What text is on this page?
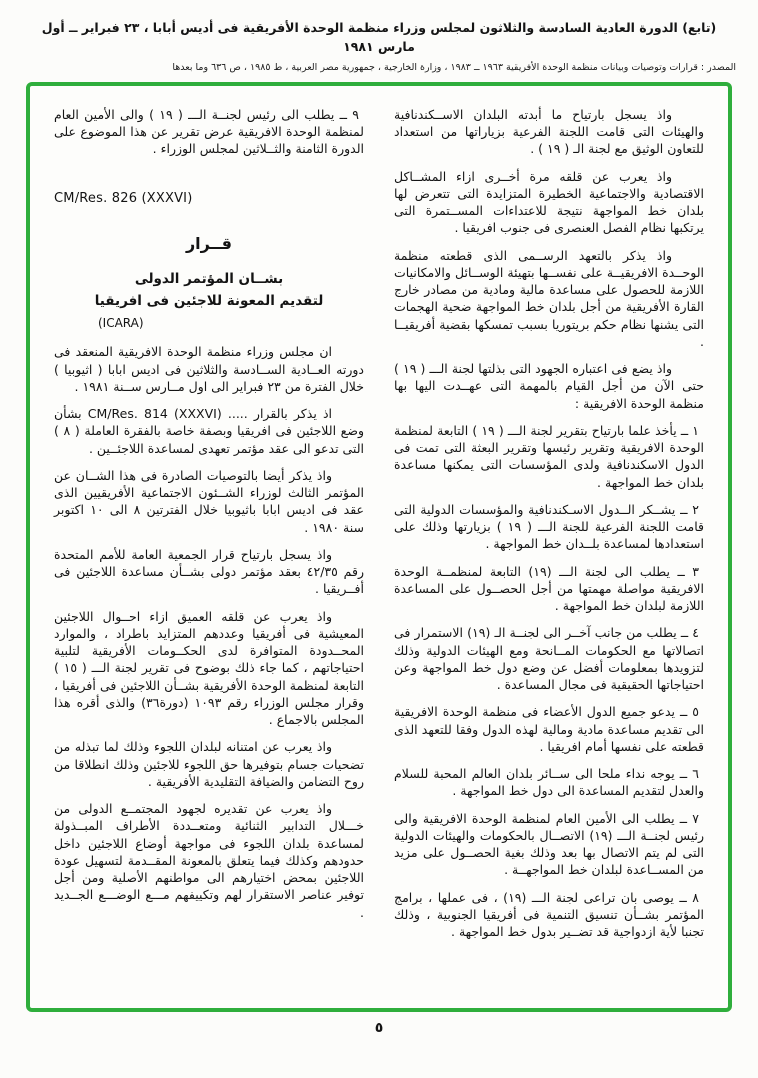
(تابع) الدورة العادية السادسة والثلاثون لمجلس وزراء منظمة الوحدة الأفريقية فى أديس أبابا ، ٢٣ فبراير ــ أول مارس ١٩٨١
المصدر : قرارات وتوصيات وبيانات منظمة الوحدة الأفريقية ١٩٦٣ ــ ١٩٨٣ ، وزارة الخارجية ، جمهورية مصر العربية ، ط ١٩٨٥ ، ص ٦٣٦ وما بعدها

واذ يسجل بارتياح ما أبدته البلدان الاســكندنافية والهيئات التى قامت اللجنة الفرعية بزياراتها من استعداد للتعاون الوثيق مع لجنة الـ ( ١٩ ) .

واذ يعرب عن قلقه مرة أخــرى ازاء المشــاكل الاقتصادية والاجتماعية الخطيرة المتزايدة التى تتعرض لها بلدان خط المواجهة نتيجة للاعتداءات المســتمرة التى يرتكبها نظام الفصل العنصرى فى جنوب افريقيا .

واذ يذكر بالتعهد الرســمى الذى قطعته منظمة الوحــدة الافريقيــة على نفســها بتهيئة الوســائل والامكانيات اللازمة للحصول على مساعدة مالية ومادية من مصادر خارج القارة الأفريقية من أجل بلدان خط المواجهة ضحية الهجمات التى يشنها نظام حكم بريتوريا بسبب تمسكها بقضية أفريقيــا .

واذ يضع فى اعتباره الجهود التى بذلتها لجنة الـــ ( ١٩ ) حتى الآن من أجل القيام بالمهمة التى عهــدت اليها بها منظمة الوحدة الافريقية :

١ ــ يأخذ علما بارتياح بتقرير لجنة الـــ ( ١٩ ) التابعة لمنظمة الوحدة الافريقية وتقرير رئيسها وتقرير البعثة التى تمت فى الدول الاسكندنافية ولدى المؤسسات التى يمكنها مساعدة بلدان خط المواجهة .

٢ ــ يشــكر الــدول الاسـكندنافية والمؤسسات الدولية التى قامت اللجنة الفرعية للجنة الـــ ( ١٩ ) بزيارتها وذلك على استعدادها لمساعدة بلــدان خط المواجهة .

٣ ــ يطلب الى لجنة الـــ (١٩) التابعة لمنظمــة الوحدة الافريقية مواصلة مهمتها من أجل الحصــول على المساعدة اللازمة لبلدان خط المواجهة .

٤ ــ يطلب من جانب آخــر الى لجنــة الـ (١٩) الاستمرار فى اتصالاتها مع الحكومات المــانحة ومع الهيئات الدولية وذلك لتزويدها بمعلومات أفضل عن وضع دول خط المواجهة وعن احتياجاتها الحقيقية فى مجال المساعدة .

٥ ــ يدعو جميع الدول الأعضاء فى منظمة الوحدة الافريقية الى تقديم مساعدة مادية ومالية لهذه الدول وفقا للتعهد الذى قطعته على نفسها أمام افريقيا .

٦ ــ يوجه نداء ملحا الى ســائر بلدان العالم المحبة للسلام والعدل لتقديم المساعدة الى دول خط المواجهة .

٧ ــ يطلب الى الأمين العام لمنظمة الوحدة الافريقية والى رئيس لجنــة الـــ (١٩) الاتصــال بالحكومات والهيئات الدولية التى لم يتم الاتصال بها بعد وذلك بغية الحصــول على مزيد من المســاعدة لبلدان خط المواجهــة .

٨ ــ يوصى بان تراعى لجنة الـــ (١٩) ، فى عملها ، برامج المؤتمر بشــأن تنسيق التنمية فى أفريقيا الجنوبية ، وذلك تجنبا لأية ازدواجية قد تضــير بدول خط المواجهة .

٩ ــ يطلب الى رئيس لجنــة الـــ ( ١٩ ) والى الأمين العام لمنظمة الوحدة الافريقية عرض تقرير عن هذا الموضوع على الدورة الثامنة والثــلاثين لمجلس الوزراء .

CM/Res. 826 (XXXVI)
قــرار
بشــان المؤتمر الدولى
لتقديم المعونة للاجئين فى افريقيا
(ICARA)

ان مجلس وزراء منظمة الوحدة الافريقية المنعقد فى دورته العــادية الســادسة والثلاثين فى اديس ابابا ( اثيوبيا ) خلال الفترة من ٢٣ فبراير الى اول مــارس ســنة ١٩٨١ .

اذ يذكر بالقرار ..... CM/Res. 814 (XXXVI) بشأن وضع اللاجئين فى افريقيا وبصفة خاصة بالفقرة العاملة ( ٨ ) التى تدعو الى عقد مؤتمر تعهدى لمساعدة اللاجئــين .

واذ يذكر أيضا بالتوصيات الصادرة فى هذا الشــان عن المؤتمر الثالث لوزراء الشــئون الاجتماعية الأفريقيين الذى عقد فى اديس ابابا باثيوبيا خلال الفترتين ٨ الى ١٠ اكتوبر سنة ١٩٨٠ .

واذ يسجل بارتياح قرار الجمعية العامة للأمم المتحدة رقم ٤٢/٣٥ بعقد مؤتمر دولى بشــأن مساعدة اللاجئين فى أفــريقيا .

واذ يعرب عن قلقه العميق ازاء احــوال اللاجئين المعيشية فى أفريقيا وعددهم المتزايد باطراد ، والموارد المحــدودة المتوافرة لدى الحكــومات الأفريقية لتلبية احتياجاتهم ، كما جاء ذلك بوضوح فى تقرير لجنة الـــ ( ١٥ ) التابعة لمنظمة الوحدة الأفريقية بشــأن اللاجئين فى أفريقيا ، وقرار مجلس الوزراء رقم ١٠٩٣ (دورة٣٦) والذى أقره هذا المجلس بالاجماع .

واذ يعرب عن امتنانه لبلدان اللجوء وذلك لما تبذله من تضحيات جسام بتوفيرها حق اللجوء للاجئين وذلك انطلاقا من روح التضامن والضيافة التقليدية الأفريقية .

واذ يعرب عن تقديره لجهود المجتمــع الدولى من خـــلال التدابير الثنائية ومتعــددة الأطراف المبــذولة لمساعدة بلدان اللجوء فى مواجهة أوضاع اللاجئين داخل حدودهم وكذلك فيما يتعلق بالمعونة المقــدمة لتسهيل عودة اللاجئين بمحض اختيارهم الى مواطنهم الأصلية ومن أجل توفير عناصر الاستقرار لهم وتكييفهم مـــع الوضـــع الجــديد .

٥
